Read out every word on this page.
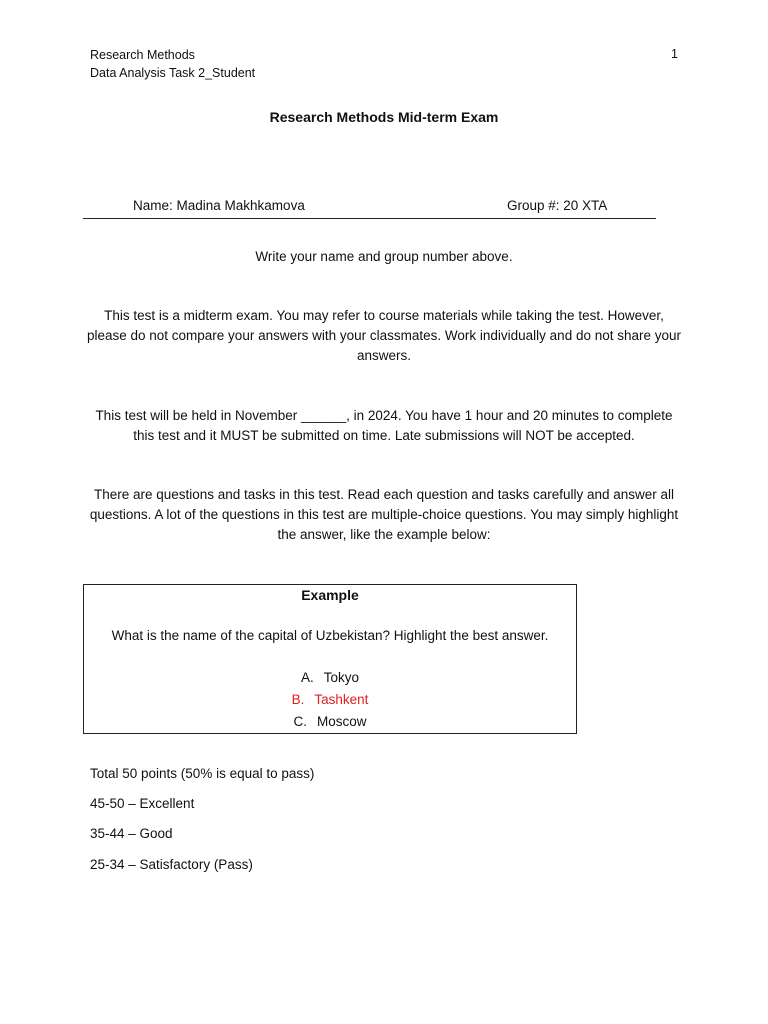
Research Methods
Data Analysis Task 2_Student
1
Research Methods Mid-term Exam
Name: Madina Makhkamova	Group #: 20 XTA
Write your name and group number above.
This test is a midterm exam. You may refer to course materials while taking the test. However, please do not compare your answers with your classmates. Work individually and do not share your answers.
This test will be held in November ______, in 2024. You have 1 hour and 20 minutes to complete this test and it MUST be submitted on time. Late submissions will NOT be accepted.
There are questions and tasks in this test. Read each question and tasks carefully and answer all questions. A lot of the questions in this test are multiple-choice questions. You may simply highlight the answer, like the example below:
Example
What is the name of the capital of Uzbekistan? Highlight the best answer.
A. Tokyo
B. Tashkent
C. Moscow
Total 50 points (50% is equal to pass)
45-50 – Excellent
35-44 – Good
25-34 – Satisfactory (Pass)
